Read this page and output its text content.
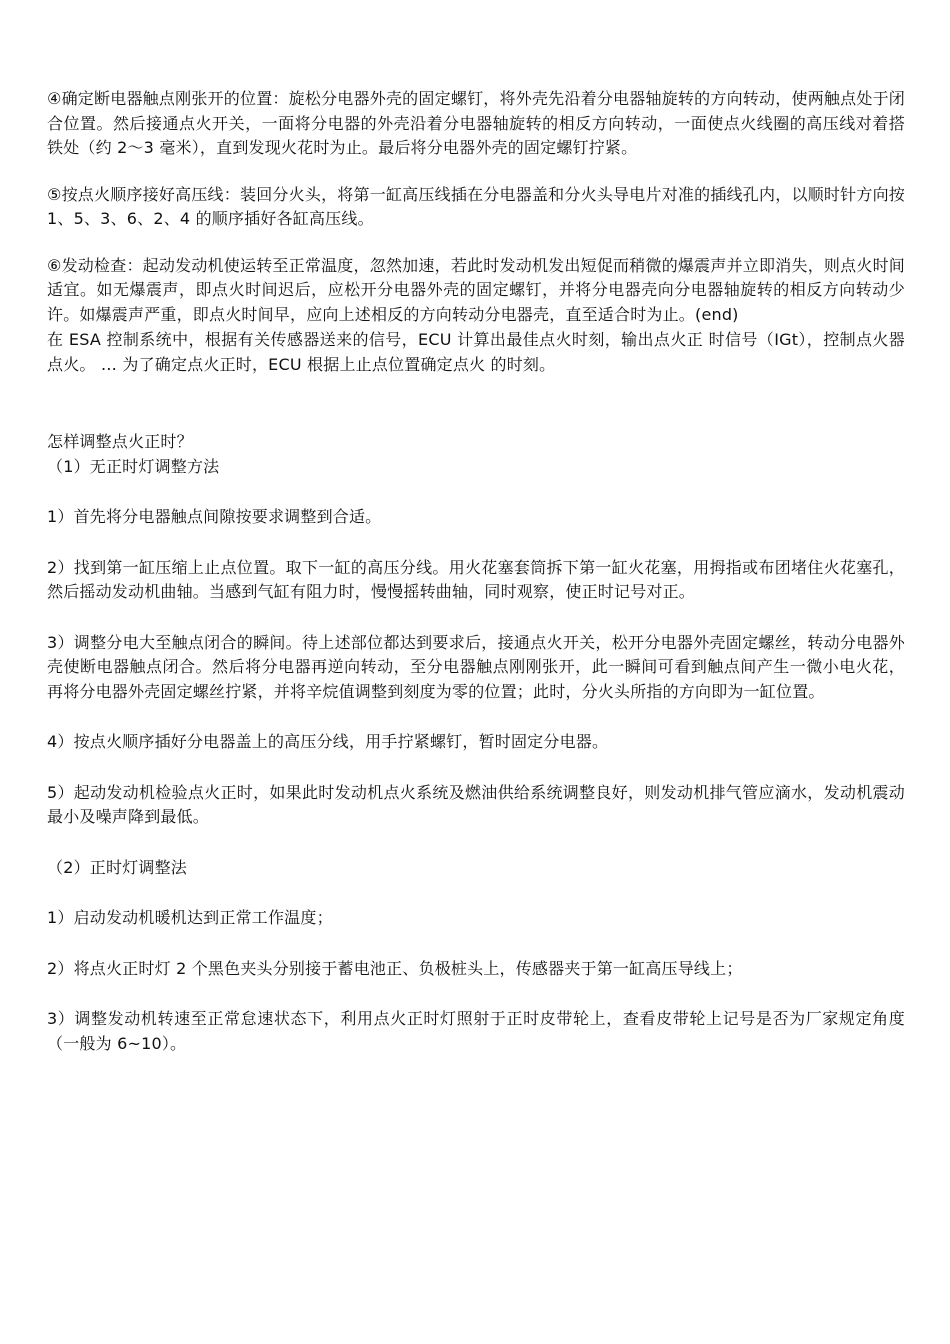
④确定断电器触点刚张开的位置：旋松分电器外壳的固定螺钉，将外壳先沿着分电器轴旋转的方向转动，使两触点处于闭合位置。然后接通点火开关，一面将分电器的外壳沿着分电器轴旋转的相反方向转动，一面使点火线圈的高压线对着搭铁处（约 2～3 毫米），直到发现火花时为止。最后将分电器外壳的固定螺钉拧紧。

⑤按点火顺序接好高压线：装回分火头，将第一缸高压线插在分电器盖和分火头导电片对准的插线孔内，以顺时针方向按 1、5、3、6、2、4 的顺序插好各缸高压线。

⑥发动检查：起动发动机使运转至正常温度，忽然加速，若此时发动机发出短促而稍微的爆震声并立即消失，则点火时间适宜。如无爆震声，即点火时间迟后，应松开分电器外壳的固定螺钉，并将分电器壳向分电器轴旋转的相反方向转动少许。如爆震声严重，即点火时间早，应向上述相反的方向转动分电器壳，直至适合时为止。(end)

在 ESA 控制系统中，根据有关传感器送来的信号，ECU 计算出最佳点火时刻，输出点火正 时信号（IGt），控制点火器点火。 … 为了确定点火正时，ECU 根据上止点位置确定点火 的时刻。

怎样调整点火正时？

（1）无正时灯调整方法

1）首先将分电器触点间隙按要求调整到合适。

2）找到第一缸压缩上止点位置。取下一缸的高压分线。用火花塞套筒拆下第一缸火花塞，用拇指或布团堵住火花塞孔，然后摇动发动机曲轴。当感到气缸有阻力时，慢慢摇转曲轴，同时观察，使正时记号对正。

3）调整分电大至触点闭合的瞬间。待上述部位都达到要求后，接通点火开关，松开分电器外壳固定螺丝，转动分电器外壳使断电器触点闭合。然后将分电器再逆向转动，至分电器触点刚刚张开，此一瞬间可看到触点间产生一微小电火花，再将分电器外壳固定螺丝拧紧，并将辛烷值调整到刻度为零的位置；此时，分火头所指的方向即为一缸位置。

4）按点火顺序插好分电器盖上的高压分线，用手拧紧螺钉，暂时固定分电器。

5）起动发动机检验点火正时，如果此时发动机点火系统及燃油供给系统调整良好，则发动机排气管应滴水，发动机震动最小及噪声降到最低。

（2）正时灯调整法

1）启动发动机暖机达到正常工作温度；

2）将点火正时灯 2 个黑色夹头分别接于蓄电池正、负极桩头上，传感器夹于第一缸高压导线上；

3）调整发动机转速至正常怠速状态下，利用点火正时灯照射于正时皮带轮上，查看皮带轮上记号是否为厂家规定角度（一般为 6~10）。
